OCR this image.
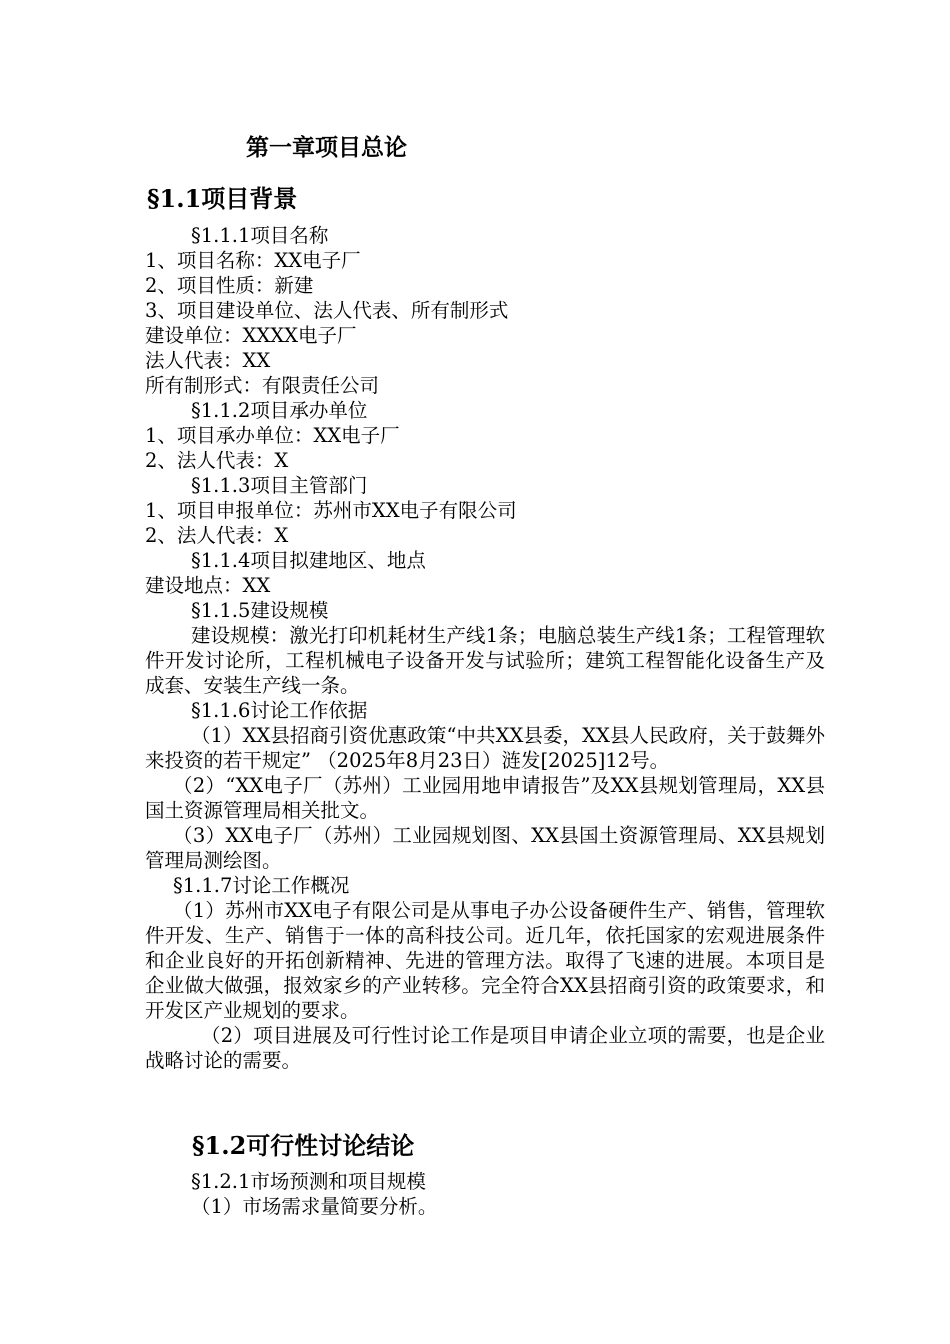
第一章项目总论
§1.1项目背景

§1.1.1项目名称

1、项目名称：XX电子厂

2、项目性质：新建

3、项目建设单位、法人代表、所有制形式

建设单位：XXXX电子厂

法人代表：XX

所有制形式：有限责任公司

§1.1.2项目承办单位

1、项目承办单位：XX电子厂

2、法人代表：X

§1.1.3项目主管部门

1、项目申报单位：苏州市XX电子有限公司

2、法人代表：X

§1.1.4项目拟建地区、地点

建设地点：XX

§1.1.5建设规模

建设规模：激光打印机耗材生产线1条；电脑总装生产线1条；工程管理软件开发讨论所，工程机械电子设备开发与试验所；建筑工程智能化设备生产及成套、安装生产线一条。

§1.1.6讨论工作依据

（1）XX县招商引资优惠政策“中共XX县委，XX县人民政府，关于鼓舞外来投资的若干规定” （2025年8月23日）涟发[2025]12号。

（2）“XX电子厂（苏州）工业园用地申请报告”及XX县规划管理局，XX县国土资源管理局相关批文。

（3）XX电子厂（苏州）工业园规划图、XX县国土资源管理局、XX县规划管理局测绘图。

§1.1.7讨论工作概况

（1）苏州市XX电子有限公司是从事电子办公设备硬件生产、销售，管理软件开发、生产、销售于一体的高科技公司。近几年，依托国家的宏观进展条件和企业良好的开拓创新精神、先进的管理方法。取得了飞速的进展。本项目是企业做大做强，报效家乡的产业转移。完全符合XX县招商引资的政策要求，和开发区产业规划的要求。

（2）项目进展及可行性讨论工作是项目申请企业立项的需要，也是企业战略讨论的需要。

§1.2可行性讨论结论

§1.2.1市场预测和项目规模

（1）市场需求量简要分析。
